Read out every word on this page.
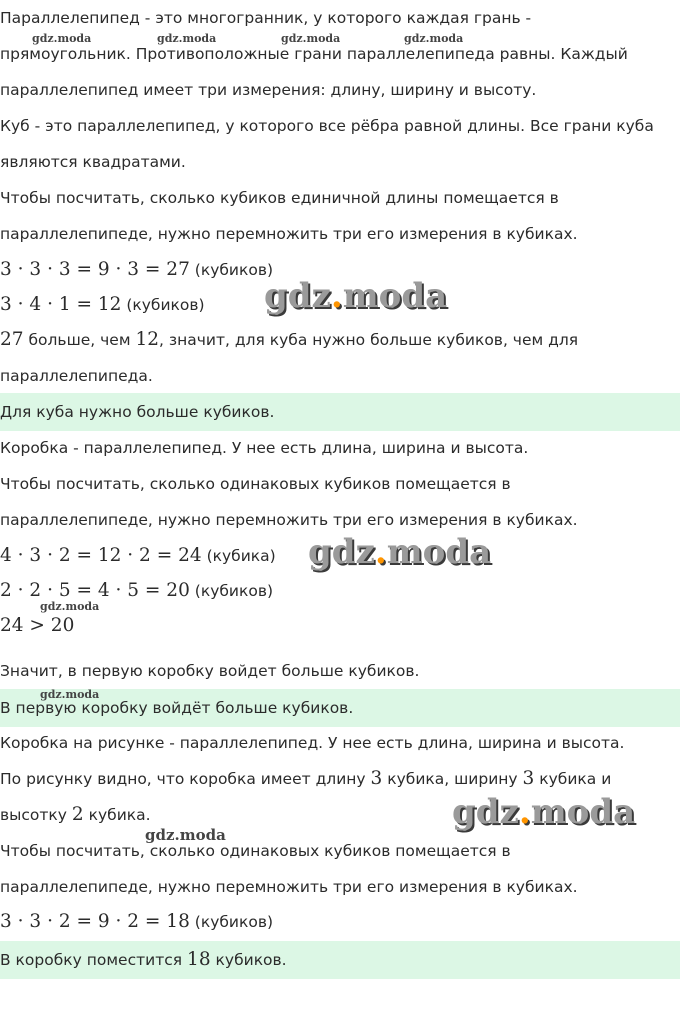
Параллелепипед - это многогранник, у которого каждая грань -
прямоугольник. Противоположные грани параллелепипеда равны. Каждый
параллелепипед имеет три измерения: длину, ширину и высоту.
Куб - это параллелепипед, у которого все рёбра равной длины. Все грани куба
являются квадратами.
Чтобы посчитать, сколько кубиков единичной длины помещается в
параллелепипеде, нужно перемножить три его измерения в кубиках.
3 · 3 · 3 = 9 · 3 = 27 (кубиков)
3 · 4 · 1 = 12 (кубиков)
27 больше, чем 12, значит, для куба нужно больше кубиков, чем для
параллелепипеда.
Для куба нужно больше кубиков.
Коробка - параллелепипед. У нее есть длина, ширина и высота.
Чтобы посчитать, сколько одинаковых кубиков помещается в
параллелепипеде, нужно перемножить три его измерения в кубиках.
4 · 3 · 2 = 12 · 2 = 24 (кубика)
2 · 2 · 5 = 4 · 5 = 20 (кубиков)
24 > 20
Значит, в первую коробку войдет больше кубиков.
В первую коробку войдёт больше кубиков.
Коробка на рисунке - параллелепипед. У нее есть длина, ширина и высота.
По рисунку видно, что коробка имеет длину 3 кубика, ширину 3 кубика и
высотку 2 кубика.
Чтобы посчитать, сколько одинаковых кубиков помещается в
параллелепипеде, нужно перемножить три его измерения в кубиках.
3 · 3 · 2 = 9 · 2 = 18 (кубиков)
В коробку поместится 18 кубиков.
gdz.moda	gdz.moda	gdz.moda	gdz.moda
gdz.moda
gdz.moda
gdz.moda
gdz.moda
gdz.moda
gdz.moda
